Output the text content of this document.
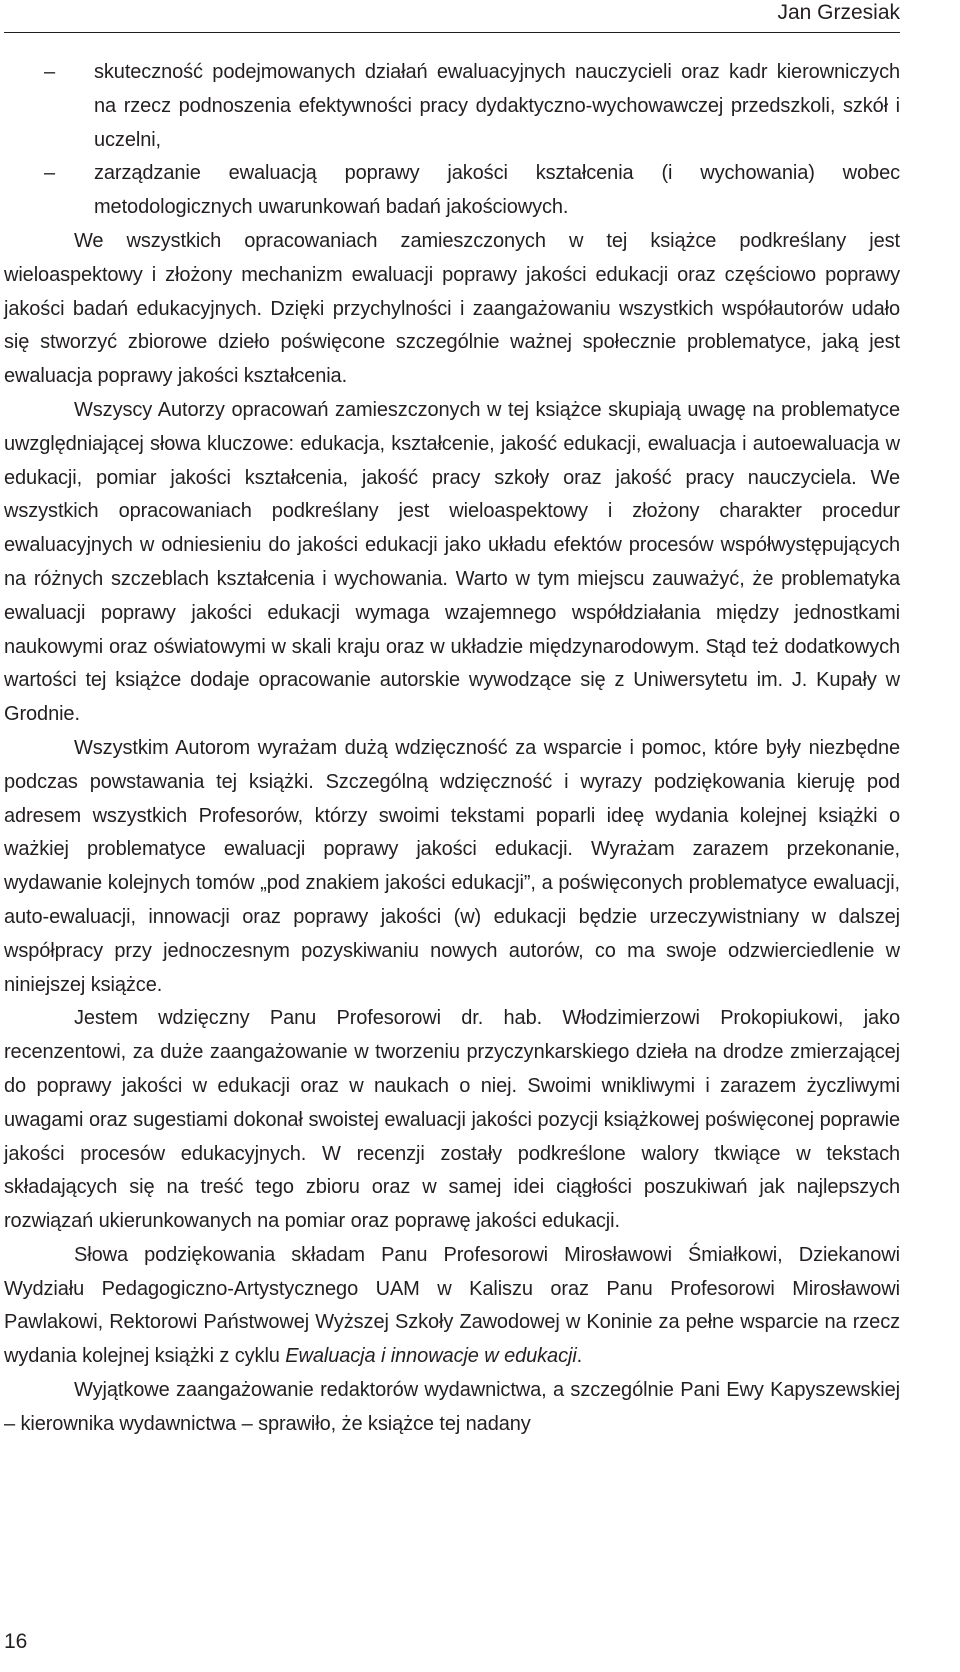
Jan Grzesiak

– skuteczność podejmowanych działań ewaluacyjnych nauczycieli oraz kadr kierowniczych na rzecz podnoszenia efektywności pracy dydaktyczno-wychowawczej przedszkoli, szkół i uczelni,

– zarządzanie ewaluacją poprawy jakości kształcenia (i wychowania) wobec metodologicznych uwarunkowań badań jakościowych.

We wszystkich opracowaniach zamieszczonych w tej książce podkreślany jest wieloaspektowy i złożony mechanizm ewaluacji poprawy jakości edukacji oraz częściowo poprawy jakości badań edukacyjnych. Dzięki przychylności i zaangażowaniu wszystkich współautorów udało się stworzyć zbiorowe dzieło poświęcone szczególnie ważnej społecznie problematyce, jaką jest ewaluacja poprawy jakości kształcenia.

Wszyscy Autorzy opracowań zamieszczonych w tej książce skupiają uwagę na problematyce uwzględniającej słowa kluczowe: edukacja, kształcenie, jakość edukacji, ewaluacja i autoewaluacja w edukacji, pomiar jakości kształcenia, jakość pracy szkoły oraz jakość pracy nauczyciela. We wszystkich opracowaniach podkreślany jest wieloaspektowy i złożony charakter procedur ewaluacyjnych w odniesieniu do jakości edukacji jako układu efektów procesów współwystępujących na różnych szczeblach kształcenia i wychowania. Warto w tym miejscu zauważyć, że problematyka ewaluacji poprawy jakości edukacji wymaga wzajemnego współdziałania między jednostkami naukowymi oraz oświatowymi w skali kraju oraz w układzie międzynarodowym. Stąd też dodatkowych wartości tej książce dodaje opracowanie autorskie wywodzące się z Uniwersytetu im. J. Kupały w Grodnie.

Wszystkim Autorom wyrażam dużą wdzięczność za wsparcie i pomoc, które były niezbędne podczas powstawania tej książki. Szczególną wdzięczność i wyrazy podziękowania kieruję pod adresem wszystkich Profesorów, którzy swoimi tekstami poparli ideę wydania kolejnej książki o ważkiej problematyce ewaluacji poprawy jakości edukacji. Wyrażam zarazem przekonanie, wydawanie kolejnych tomów „pod znakiem jakości edukacji”, a poświęconych problematyce ewaluacji, auto-ewaluacji, innowacji oraz poprawy jakości (w) edukacji będzie urzeczywistniany w dalszej współpracy przy jednoczesnym pozyskiwaniu nowych autorów, co ma swoje odzwierciedlenie w niniejszej książce.

Jestem wdzięczny Panu Profesorowi dr. hab. Włodzimierzowi Prokopiukowi, jako recenzentowi, za duże zaangażowanie w tworzeniu przyczynkarskiego dzieła na drodze zmierzającej do poprawy jakości w edukacji oraz w naukach o niej. Swoimi wnikliwymi i zarazem życzliwymi uwagami oraz sugestiami dokonał swoistej ewaluacji jakości pozycji książkowej poświęconej poprawie jakości procesów edukacyjnych. W recenzji zostały podkreślone walory tkwiące w tekstach składających się na treść tego zbioru oraz w samej idei ciągłości poszukiwań jak najlepszych rozwiązań ukierunkowanych na pomiar oraz poprawę jakości edukacji.

Słowa podziękowania składam Panu Profesorowi Mirosławowi Śmiałkowi, Dziekanowi Wydziału Pedagogiczno-Artystycznego UAM w Kaliszu oraz Panu Profesorowi Mirosławowi Pawlakowi, Rektorowi Państwowej Wyższej Szkoły Zawodowej w Koninie za pełne wsparcie na rzecz wydania kolejnej książki z cyklu Ewaluacja i innowacje w edukacji.

Wyjątkowe zaangażowanie redaktorów wydawnictwa, a szczególnie Pani Ewy Kapyszewskiej – kierownika wydawnictwa – sprawiło, że książce tej nadany

16
